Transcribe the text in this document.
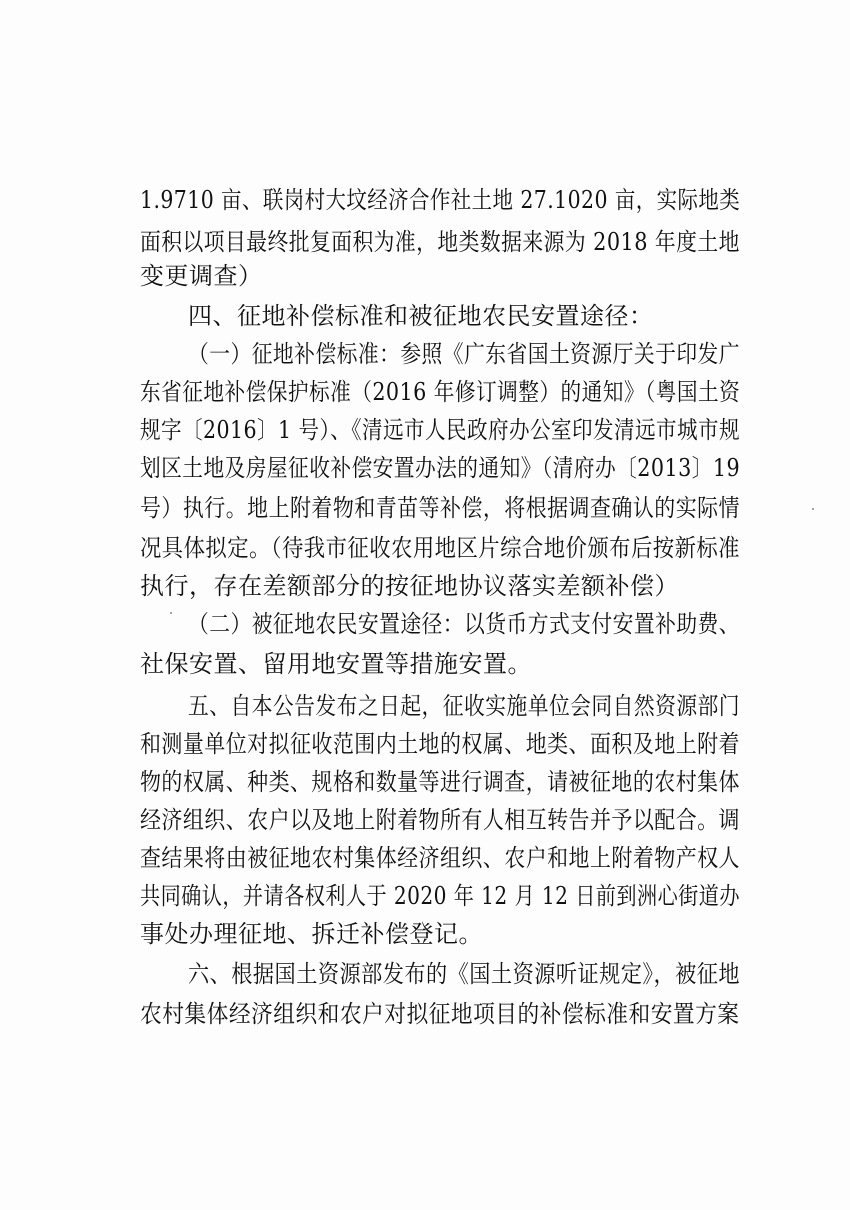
1.9710 亩、联岗村大坟经济合作社土地 27.1020 亩，实际地类
面积以项目最终批复面积为准，地类数据来源为 2018 年度土地
变更调查）
四、征地补偿标准和被征地农民安置途径：
（一）征地补偿标准：参照《广东省国土资源厅关于印发广
东省征地补偿保护标准（2016 年修订调整）的通知》（粤国土资
规字〔2016〕1 号）、《清远市人民政府办公室印发清远市城市规
划区土地及房屋征收补偿安置办法的通知》（清府办〔2013〕19
号）执行。地上附着物和青苗等补偿，将根据调查确认的实际情
况具体拟定。（待我市征收农用地区片综合地价颁布后按新标准
执行，存在差额部分的按征地协议落实差额补偿）
（二）被征地农民安置途径：以货币方式支付安置补助费、
社保安置、留用地安置等措施安置。
五、自本公告发布之日起，征收实施单位会同自然资源部门
和测量单位对拟征收范围内土地的权属、地类、面积及地上附着
物的权属、种类、规格和数量等进行调查，请被征地的农村集体
经济组织、农户以及地上附着物所有人相互转告并予以配合。调
查结果将由被征地农村集体经济组织、农户和地上附着物产权人
共同确认，并请各权利人于 2020 年 12 月 12 日前到洲心街道办
事处办理征地、拆迁补偿登记。
六、根据国土资源部发布的《国土资源听证规定》，被征地
农村集体经济组织和农户对拟征地项目的补偿标准和安置方案
